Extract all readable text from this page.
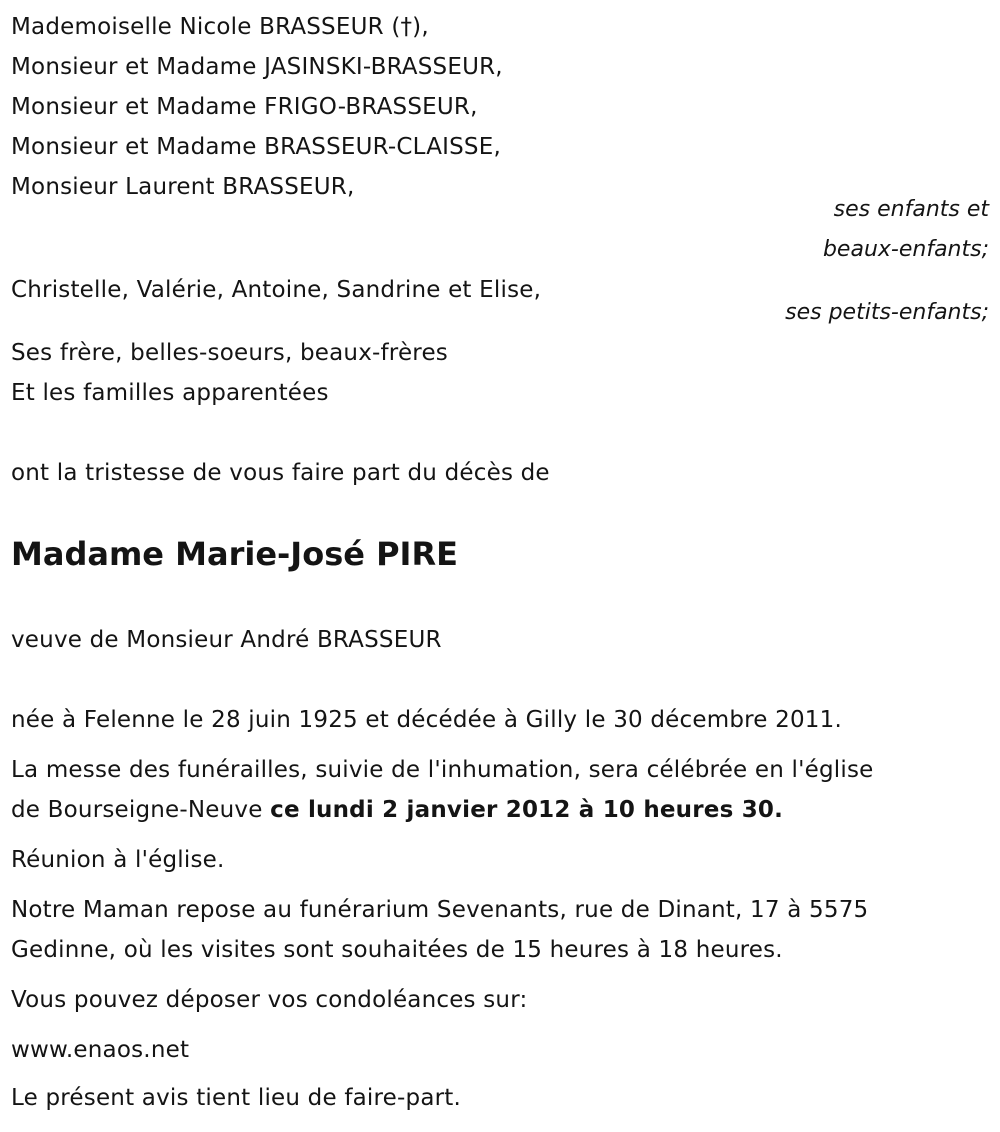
Mademoiselle Nicole BRASSEUR (†),
Monsieur et Madame JASINSKI-BRASSEUR,
Monsieur et Madame FRIGO-BRASSEUR,
Monsieur et Madame BRASSEUR-CLAISSE,
Monsieur Laurent BRASSEUR,
ses enfants et
beaux-enfants;
Christelle, Valérie, Antoine, Sandrine et Elise,
ses petits-enfants;
Ses frère, belles-soeurs, beaux-frères
Et les familles apparentées
ont la tristesse de vous faire part du décès de
Madame Marie-José PIRE
veuve de Monsieur André BRASSEUR
née à Felenne le 28 juin 1925 et décédée à Gilly le 30 décembre 2011.
La messe des funérailles, suivie de l'inhumation, sera célébrée en l'église
de Bourseigne-Neuve ce lundi 2 janvier 2012 à 10 heures 30.
Réunion à l'église.
Notre Maman repose au funérarium Sevenants, rue de Dinant, 17 à 5575
Gedinne, où les visites sont souhaitées de 15 heures à 18 heures.
Vous pouvez déposer vos condoléances sur:
www.enaos.net
Le présent avis tient lieu de faire-part.
